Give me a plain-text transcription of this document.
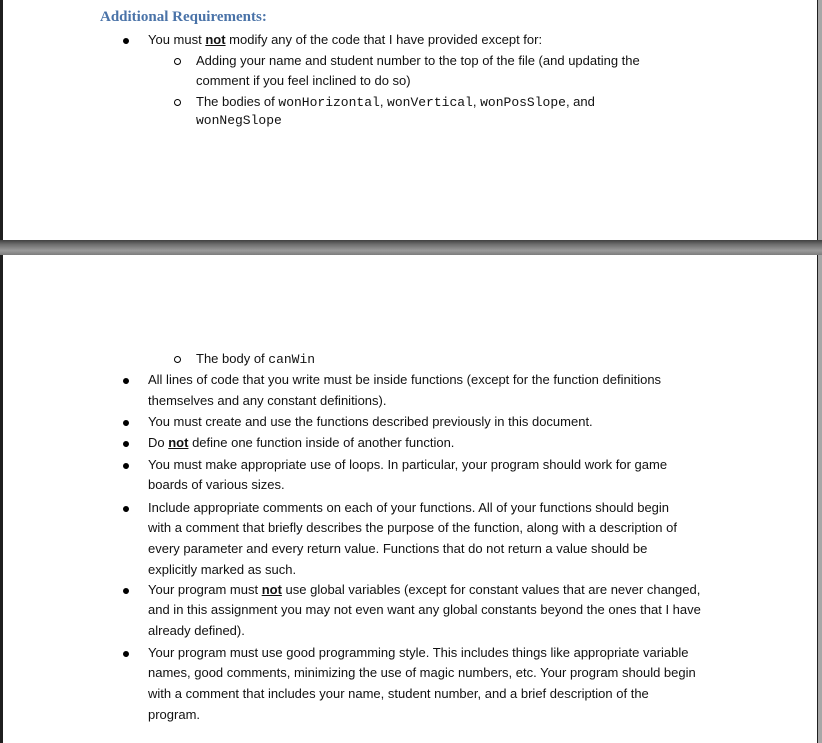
Additional Requirements:
You must not modify any of the code that I have provided except for:
Adding your name and student number to the top of the file (and updating the
comment if you feel inclined to do so)
The bodies of wonHorizontal, wonVertical, wonPosSlope, and
wonNegSlope
The body of canWin
All lines of code that you write must be inside functions (except for the function definitions
themselves and any constant definitions).
You must create and use the functions described previously in this document.
Do not define one function inside of another function.
You must make appropriate use of loops. In particular, your program should work for game
boards of various sizes.
Include appropriate comments on each of your functions. All of your functions should begin
with a comment that briefly describes the purpose of the function, along with a description of
every parameter and every return value. Functions that do not return a value should be
explicitly marked as such.
Your program must not use global variables (except for constant values that are never changed,
and in this assignment you may not even want any global constants beyond the ones that I have
already defined).
Your program must use good programming style. This includes things like appropriate variable
names, good comments, minimizing the use of magic numbers, etc. Your program should begin
with a comment that includes your name, student number, and a brief description of the
program.
